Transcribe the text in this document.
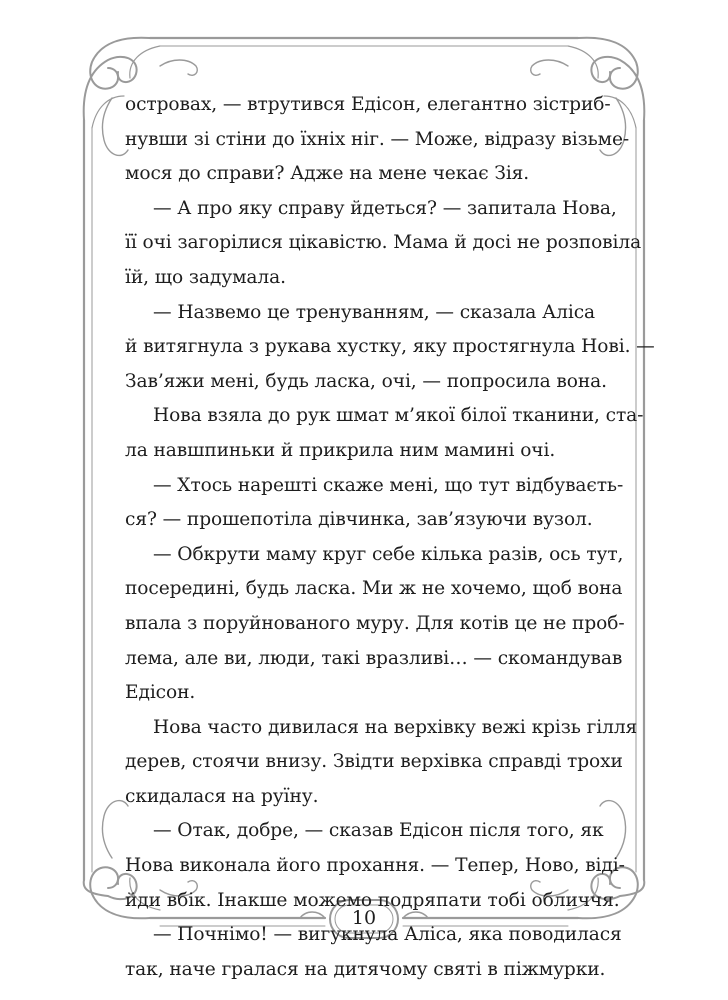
островах, — втрутився Едісон, елегантно зістриб-
нувши зі стіни до їхніх ніг. — Може, відразу візьме-
мося до справи? Адже на мене чекає Зія.
— А про яку справу йдеться? — запитала Нова,
її очі загорілися цікавістю. Мама й досі не розповіла
їй, що задумала.
— Назвемо це тренуванням, — сказала Аліса
й витягнула з рукава хустку, яку простягнула Нові. —
Зав’яжи мені, будь ласка, очі, — попросила вона.
Нова взяла до рук шмат м’якої білої тканини, ста-
ла навшпиньки й прикрила ним мамині очі.
— Хтось нарешті скаже мені, що тут відбуваєть-
ся? — прошепотіла дівчинка, зав’язуючи вузол.
— Обкрути маму круг себе кілька разів, ось тут,
посередині, будь ласка. Ми ж не хочемо, щоб вона
впала з поруйнованого муру. Для котів це не проб-
лема, але ви, люди, такі вразливі… — скомандував
Едісон.
Нова часто дивилася на верхівку вежі крізь гілля
дерев, стоячи внизу. Звідти верхівка справді трохи
скидалася на руїну.
— Отак, добре, — сказав Едісон після того, як
Нова виконала його прохання. — Тепер, Ново, віді-
йди вбік. Інакше можемо подряпати тобі обличчя.
— Почнімо! — вигукнула Аліса, яка поводилася
так, наче гралася на дитячому святі в піжмурки.
10
